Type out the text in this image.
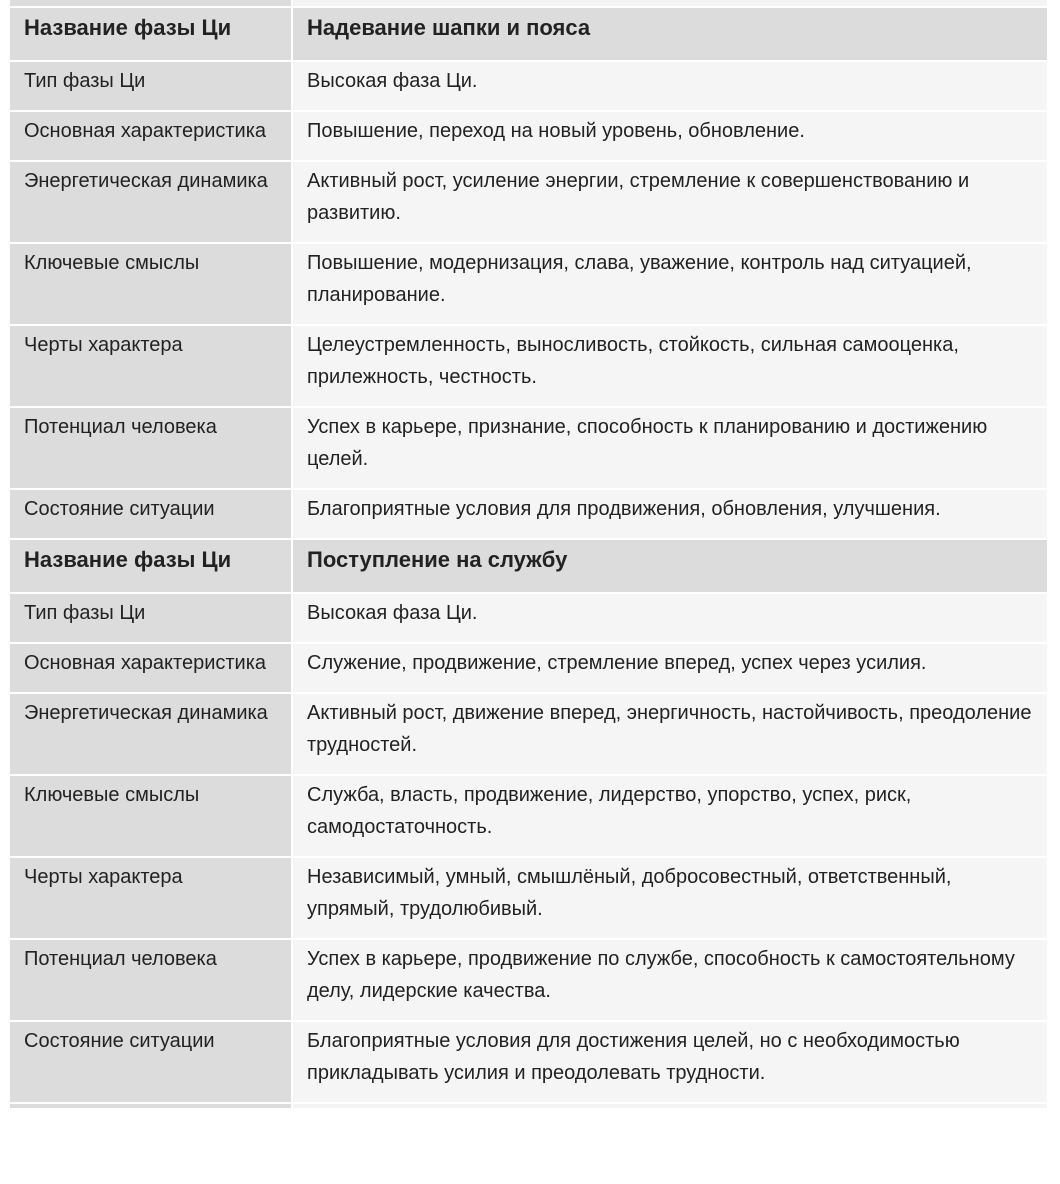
Название фазы Ци	Надевание шапки и пояса
Тип фазы Ци	Высокая фаза Ци.
Основная характеристика	Повышение, переход на новый уровень, обновление.
Энергетическая динамика	Активный рост, усиление энергии, стремление к совершенствованию и развитию.
Ключевые смыслы	Повышение, модернизация, слава, уважение, контроль над ситуацией, планирование.
Черты характера	Целеустремленность, выносливость, стойкость, сильная самооценка, прилежность, честность.
Потенциал человека	Успех в карьере, признание, способность к планированию и достижению целей.
Состояние ситуации	Благоприятные условия для продвижения, обновления, улучшения.
Название фазы Ци	Поступление на службу
Тип фазы Ци	Высокая фаза Ци.
Основная характеристика	Служение, продвижение, стремление вперед, успех через усилия.
Энергетическая динамика	Активный рост, движение вперед, энергичность, настойчивость, преодоление трудностей.
Ключевые смыслы	Служба, власть, продвижение, лидерство, упорство, успех, риск, самодостаточность.
Черты характера	Независимый, умный, смышлёный, добросовестный, ответственный, упрямый, трудолюбивый.
Потенциал человека	Успех в карьере, продвижение по службе, способность к самостоятельному делу, лидерские качества.
Состояние ситуации	Благоприятные условия для достижения целей, но с необходимостью прикладывать усилия и преодолевать трудности.
